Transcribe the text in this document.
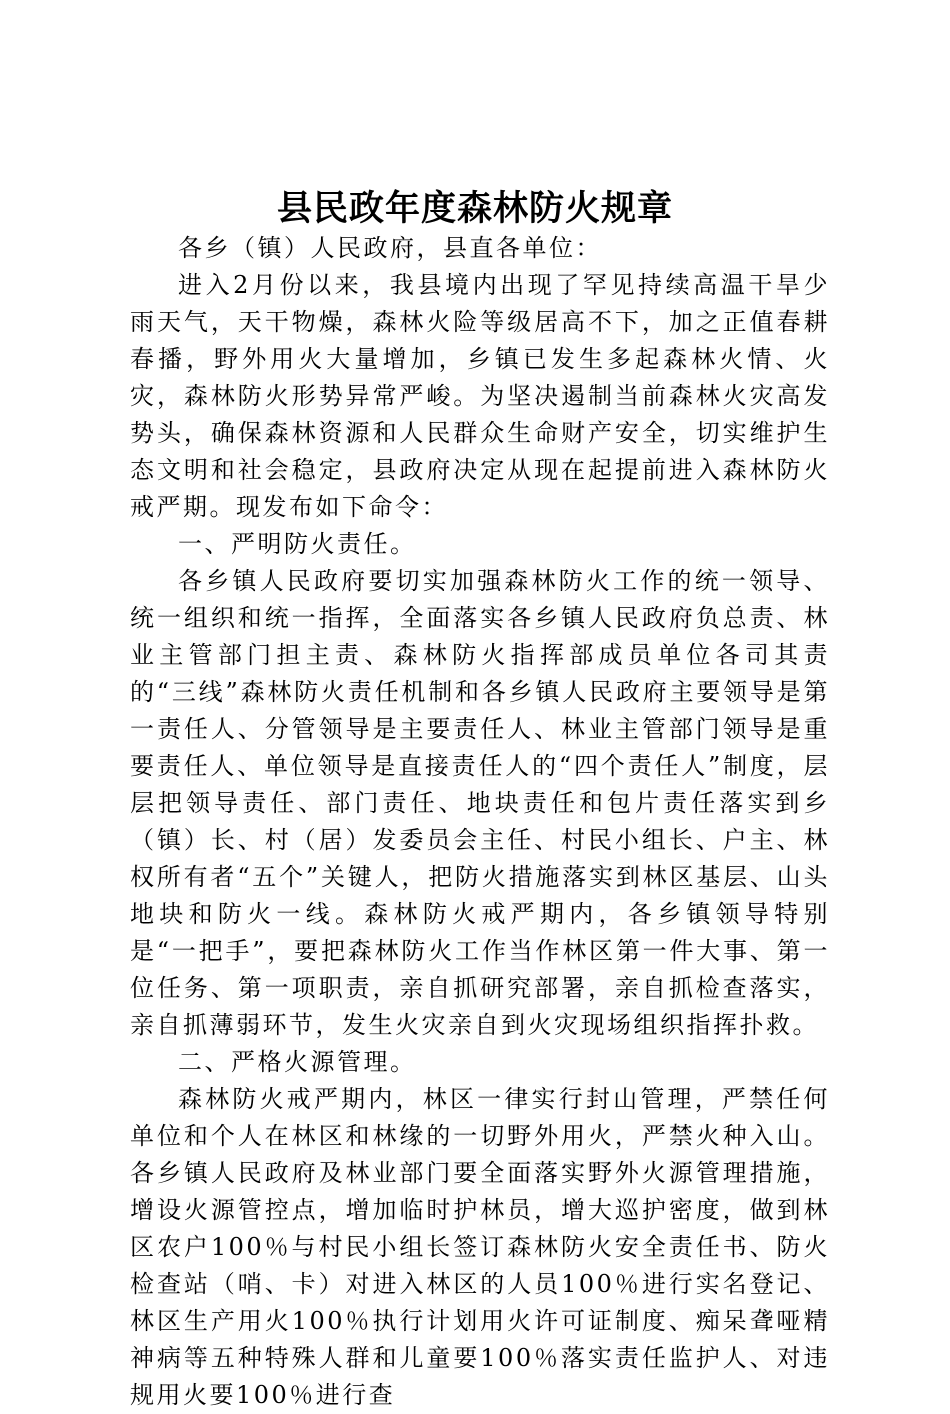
县民政年度森林防火规章

各乡（镇）人民政府，县直各单位：

进入2月份以来，我县境内出现了罕见持续高温干旱少雨天气，天干物燥，森林火险等级居高不下，加之正值春耕春播，野外用火大量增加，乡镇已发生多起森林火情、火灾，森林防火形势异常严峻。为坚决遏制当前森林火灾高发势头，确保森林资源和人民群众生命财产安全，切实维护生态文明和社会稳定，县政府决定从现在起提前进入森林防火戒严期。现发布如下命令：

一、严明防火责任。

各乡镇人民政府要切实加强森林防火工作的统一领导、统一组织和统一指挥，全面落实各乡镇人民政府负总责、林业主管部门担主责、森林防火指挥部成员单位各司其责的“三线”森林防火责任机制和各乡镇人民政府主要领导是第一责任人、分管领导是主要责任人、林业主管部门领导是重要责任人、单位领导是直接责任人的“四个责任人”制度，层层把领导责任、部门责任、地块责任和包片责任落实到乡（镇）长、村（居）发委员会主任、村民小组长、户主、林权所有者“五个”关键人，把防火措施落实到林区基层、山头地块和防火一线。森林防火戒严期内，各乡镇领导特别是“一把手”，要把森林防火工作当作林区第一件大事、第一位任务、第一项职责，亲自抓研究部署，亲自抓检查落实，亲自抓薄弱环节，发生火灾亲自到火灾现场组织指挥扑救。

二、严格火源管理。

森林防火戒严期内，林区一律实行封山管理，严禁任何单位和个人在林区和林缘的一切野外用火，严禁火种入山。各乡镇人民政府及林业部门要全面落实野外火源管理措施，增设火源管控点，增加临时护林员，增大巡护密度，做到林区农户100％与村民小组长签订森林防火安全责任书、防火检查站（哨、卡）对进入林区的人员100％进行实名登记、林区生产用火100％执行计划用火许可证制度、痴呆聋哑精神病等五种特殊人群和儿童要100％落实责任监护人、对违规用火要100％进行查
